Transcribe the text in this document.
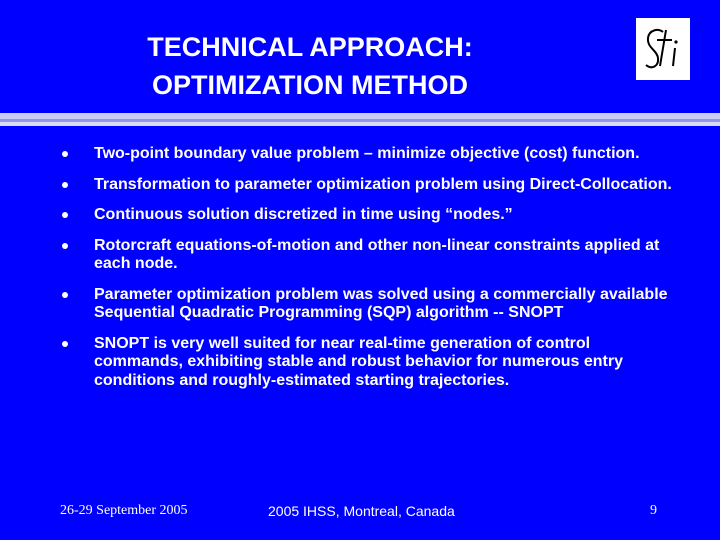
TECHNICAL APPROACH:
OPTIMIZATION METHOD
Two-point boundary value problem – minimize objective (cost) function.
Transformation to parameter optimization problem using Direct-Collocation.
Continuous solution discretized in time using “nodes.”
Rotorcraft equations-of-motion and other non-linear constraints applied at each node.
Parameter optimization problem was solved using a commercially available Sequential Quadratic Programming (SQP) algorithm -- SNOPT
SNOPT is very well suited for near real-time generation of control commands, exhibiting stable and robust behavior for numerous entry conditions and roughly-estimated starting trajectories.
26-29 September 2005	2005 IHSS, Montreal, Canada	9
